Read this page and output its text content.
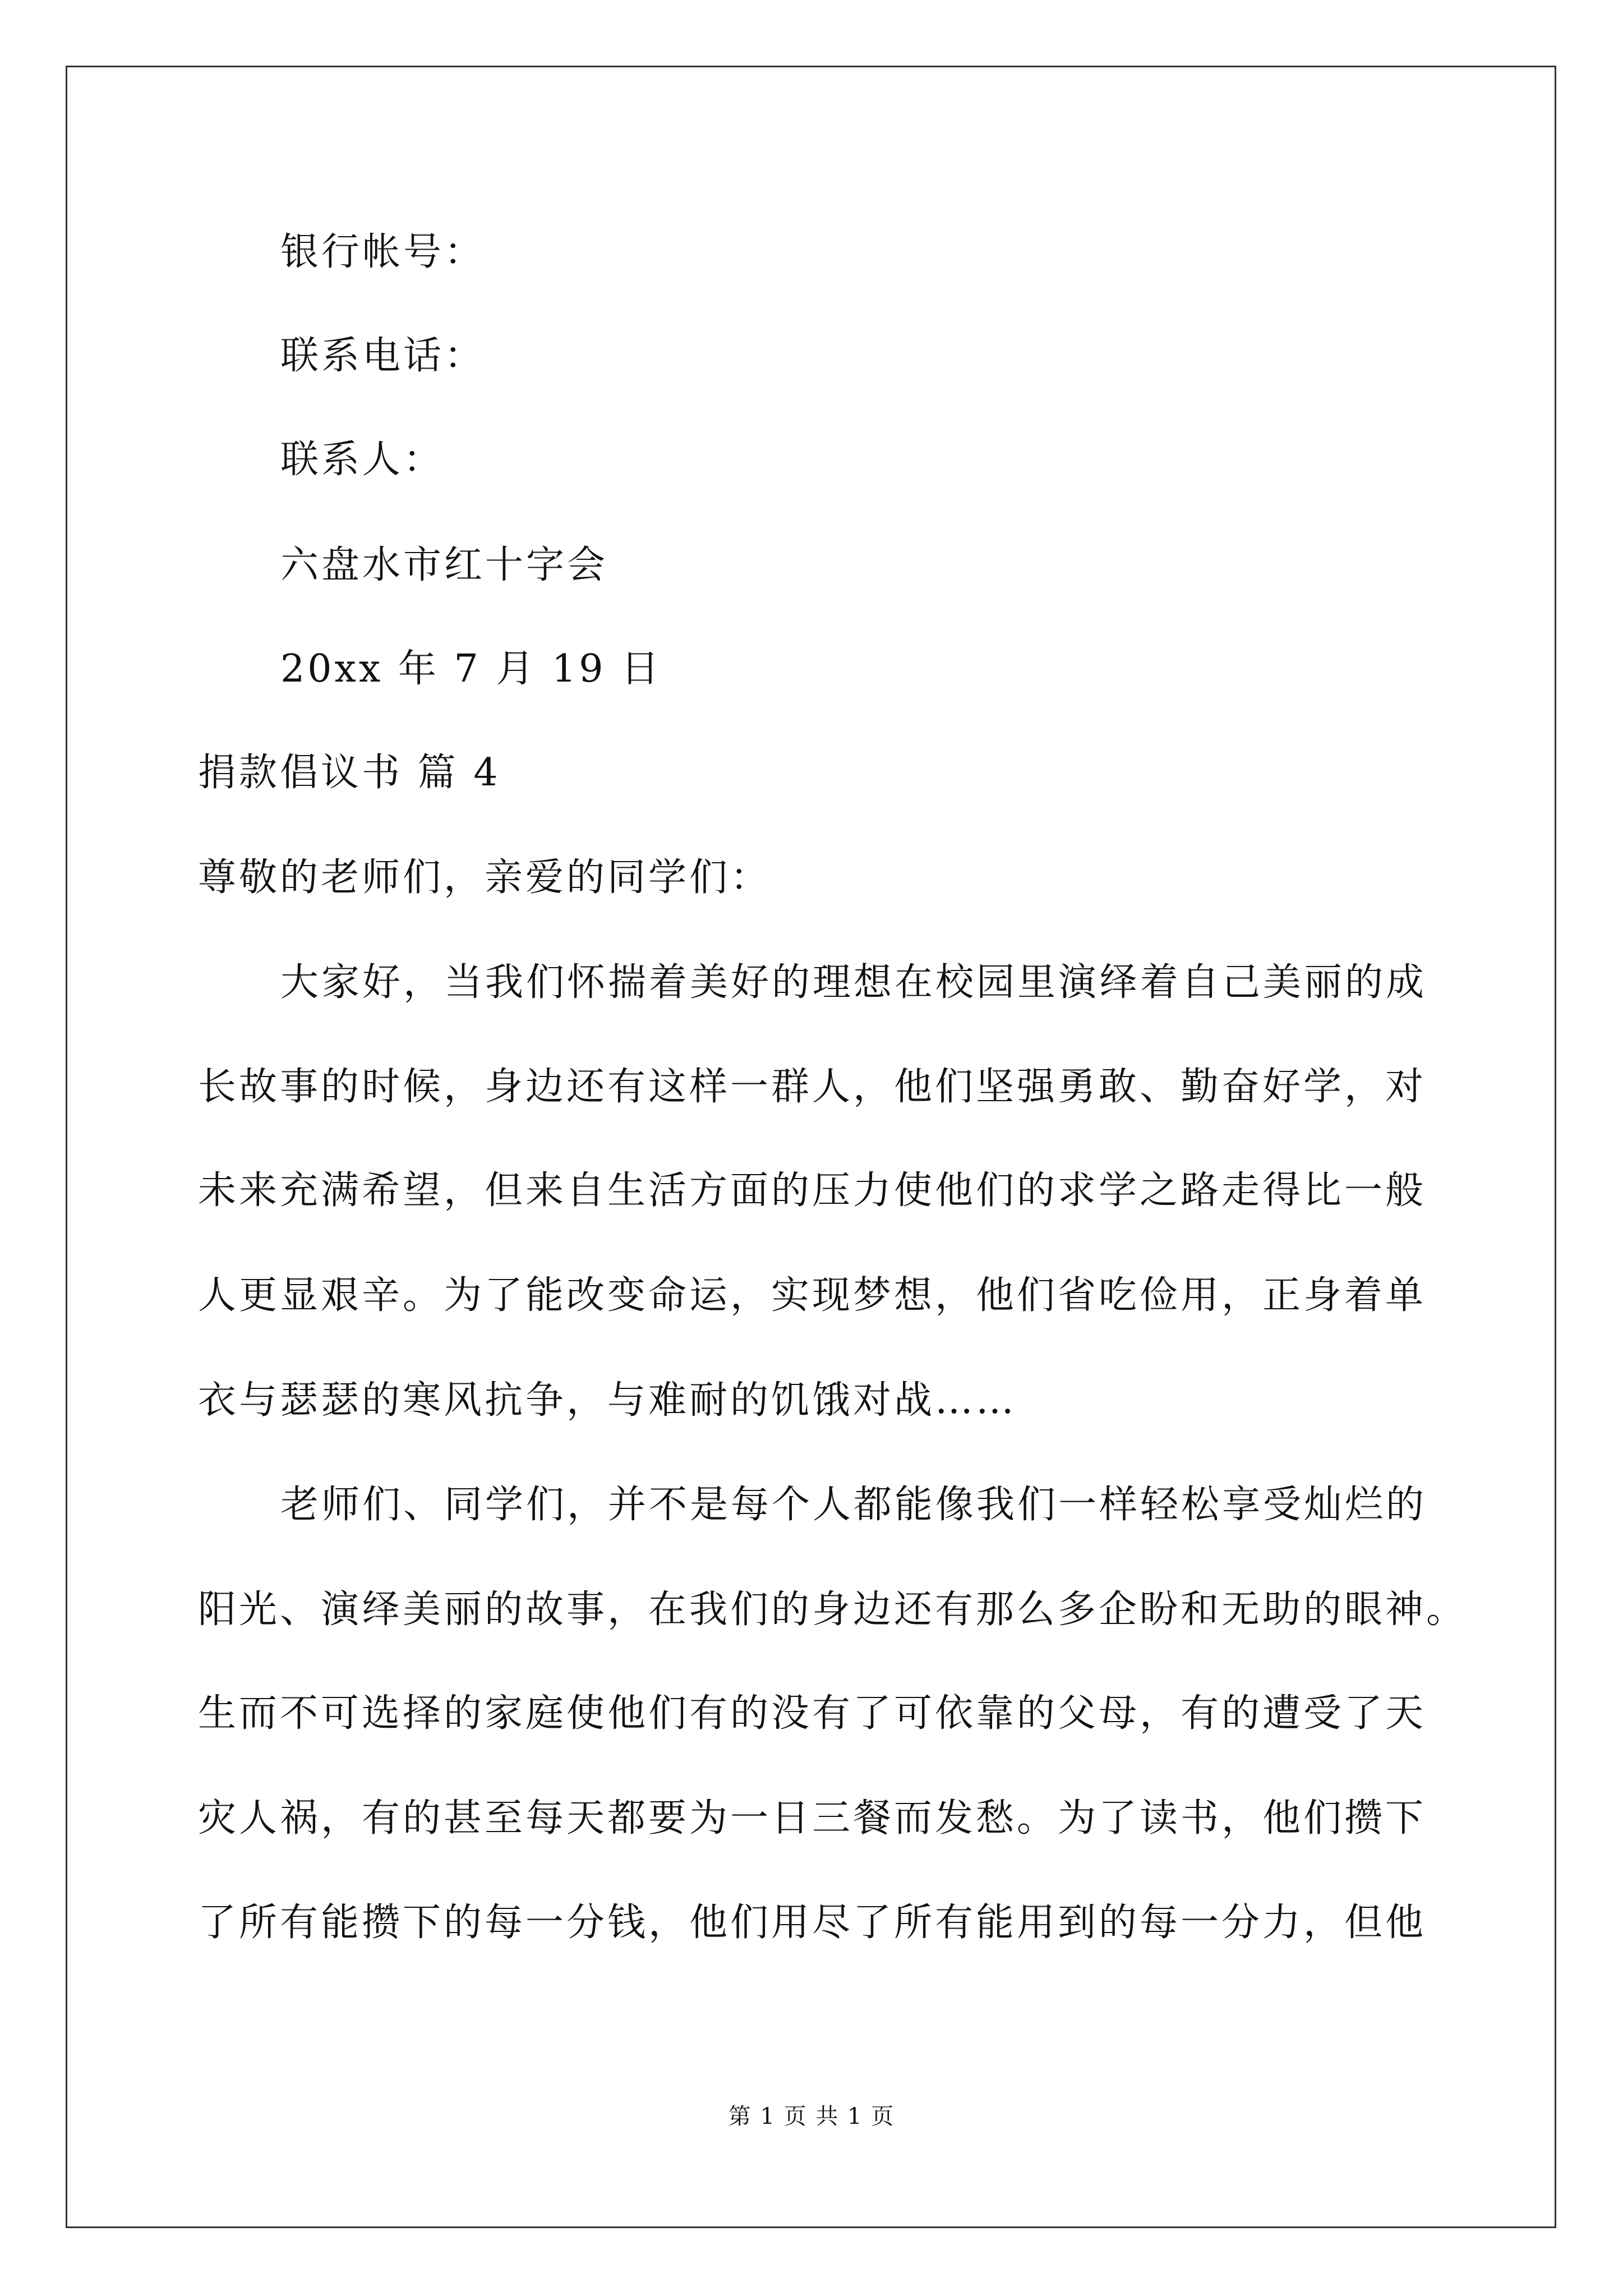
银行帐号：
联系电话：
联系人：
六盘水市红十字会
20xx 年 7 月 19 日
捐款倡议书 篇 4
尊敬的老师们，亲爱的同学们：
大家好，当我们怀揣着美好的理想在校园里演绎着自己美丽的成
长故事的时候，身边还有这样一群人，他们坚强勇敢、勤奋好学，对
未来充满希望，但来自生活方面的压力使他们的求学之路走得比一般
人更显艰辛。为了能改变命运，实现梦想，他们省吃俭用，正身着单
衣与瑟瑟的寒风抗争，与难耐的饥饿对战……
老师们、同学们，并不是每个人都能像我们一样轻松享受灿烂的
阳光、演绎美丽的故事，在我们的身边还有那么多企盼和无助的眼神。
生而不可选择的家庭使他们有的没有了可依靠的父母，有的遭受了天
灾人祸，有的甚至每天都要为一日三餐而发愁。为了读书，他们攒下
了所有能攒下的每一分钱，他们用尽了所有能用到的每一分力，但他
第 1 页 共 1 页
